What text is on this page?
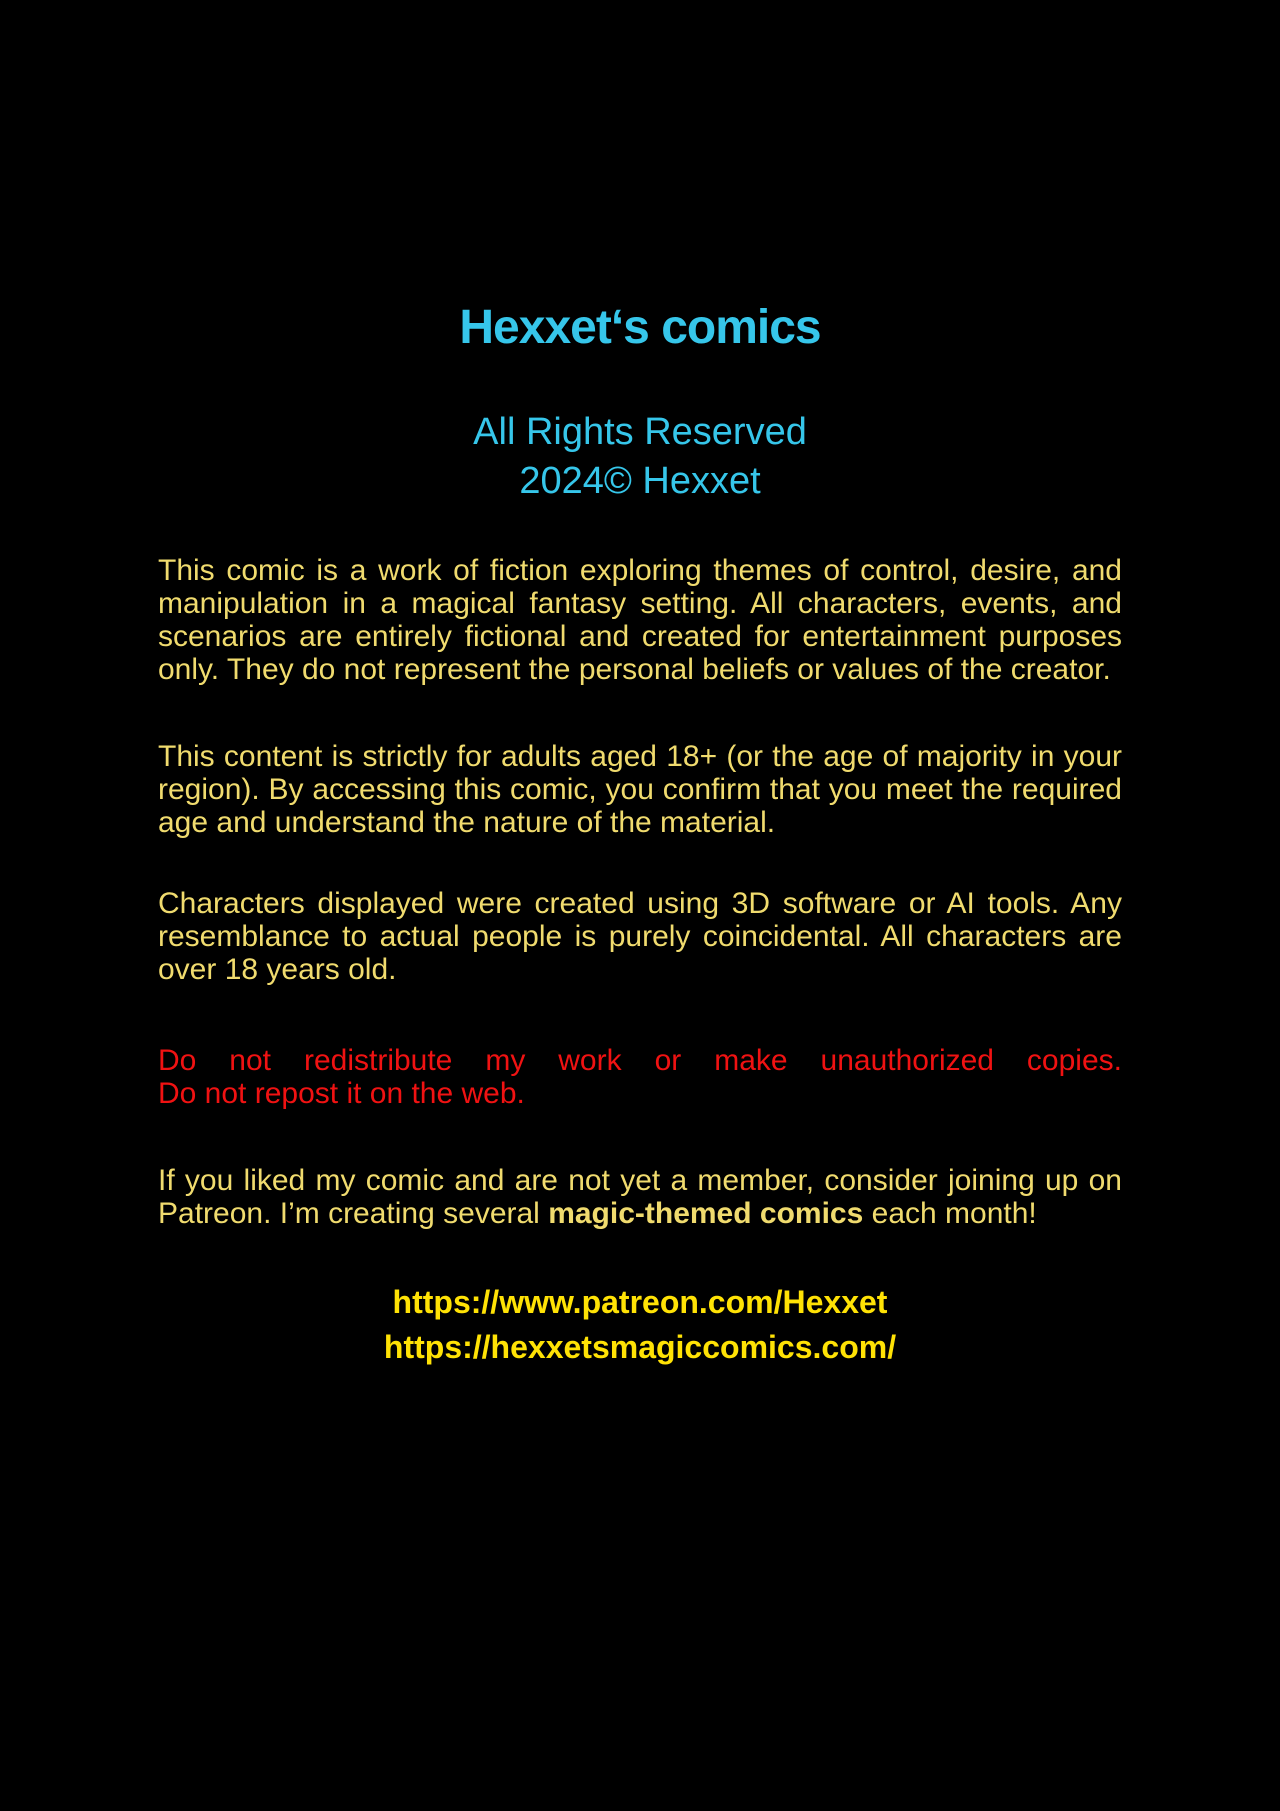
Hexxet‘s comics
All Rights Reserved
2024© Hexxet

This comic is a work of fiction exploring themes of control, desire, and manipulation in a magical fantasy setting. All characters, events, and scenarios are entirely fictional and created for entertainment purposes only. They do not represent the personal beliefs or values of the creator.

This content is strictly for adults aged 18+ (or the age of majority in your region). By accessing this comic, you confirm that you meet the required age and understand the nature of the material.

Characters displayed were created using 3D software or AI tools. Any resemblance to actual people is purely coincidental. All characters are over 18 years old.

Do not redistribute my work or make unauthorized copies.
Do not repost it on the web.

If you liked my comic and are not yet a member, consider joining up on Patreon. I’m creating several magic-themed comics each month!

https://www.patreon.com/Hexxet
https://hexxetsmagiccomics.com/
